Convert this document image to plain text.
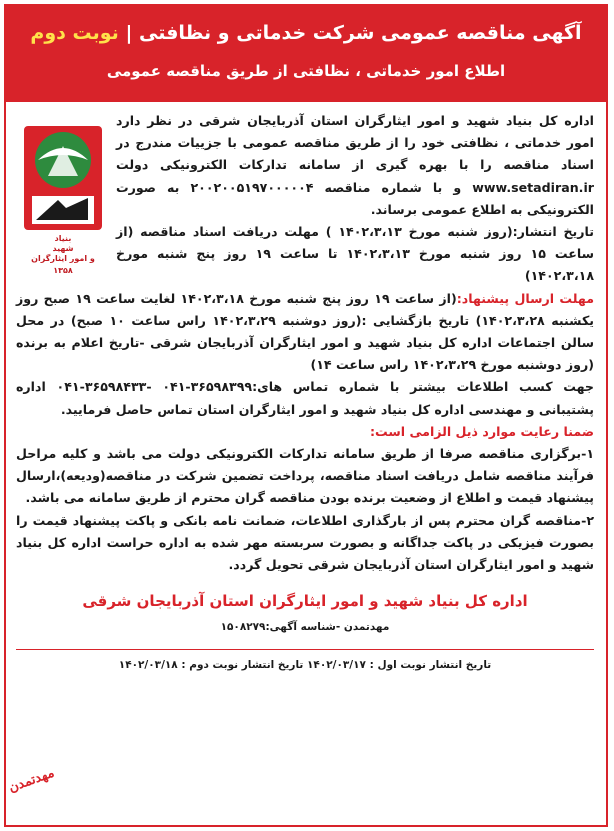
آگهی مناقصه عمومی شرکت خدماتی و نظافتی | نوبت دوم
اطلاع امور خدماتی ، نظافتی از طریق مناقصه عمومی
بنیاد
شهید
و امور ایثارگران
۱۳۵۸

اداره کل بنیاد شهید و امور ایثارگران استان آذربایجان شرقی در نظر دارد امور خدماتی ، نظافتی خود را از طریق مناقصه عمومی با جزییات مندرج در اسناد مناقصه را با بهره گیری از سامانه تدارکات الکترونیکی دولت www.setadiran.ir و با شماره مناقصه ۲۰۰۲۰۰۵۱۹۷۰۰۰۰۰۴ به صورت الکترونیکی به اطلاع عمومی برساند.

تاریخ انتشار:(روز شنبه مورخ ۱۴۰۲،۳،۱۳ ) مهلت دریافت اسناد مناقصه (از ساعت ۱۵ روز شنبه مورخ ۱۴۰۲،۳،۱۳ تا ساعت ۱۹ روز پنج شنبه مورخ ۱۴۰۲،۳،۱۸)

مهلت ارسال پیشنهاد:(از ساعت ۱۹ روز پنج شنبه مورخ ۱۴۰۲،۳،۱۸ لغایت ساعت ۱۹ صبح روز یکشنبه ۱۴۰۲،۳،۲۸) تاریخ بازگشایی :(روز دوشنبه ۱۴۰۲،۳،۲۹ راس ساعت ۱۰ صبح) در محل سالن اجتماعات اداره کل بنیاد شهید و امور ایثارگران آذربایجان شرقی -تاریخ اعلام به برنده (روز دوشنبه مورخ ۱۴۰۲،۳،۲۹ راس ساعت ۱۴)

جهت کسب اطلاعات بیشتر با شماره تماس های:۳۶۵۹۸۳۹۹-۰۴۱ -۳۶۵۹۸۴۳۳-۰۴۱ اداره پشتیبانی و مهندسی اداره کل بنیاد شهید و امور ایثارگران استان تماس حاصل فرمایید.

ضمنا رعایت موارد ذیل الزامی است:

۱-برگزاری مناقصه صرفا از طریق سامانه تدارکات الکترونیکی دولت می باشد و کلیه مراحل فرآیند مناقصه شامل دریافت اسناد مناقصه، پرداخت تضمین شرکت در مناقصه(ودیعه)،ارسال پیشنهاد قیمت و اطلاع از وضعیت برنده بودن مناقصه گران محترم از طریق سامانه می باشد.

۲-مناقصه گران محترم پس از بارگذاری اطلاعات، ضمانت نامه بانکی و پاکت پیشنهاد قیمت را بصورت فیزیکی در پاکت جداگانه و بصورت سربسته مهر شده به اداره حراست اداره کل بنیاد شهید و امور ایثارگران استان آذربایجان شرقی تحویل گردد.

اداره کل بنیاد شهید و امور ایثارگران استان آذربایجان شرقی
مهدتمدن -شناسه آگهی:۱۵۰۸۲۷۹
تاریخ انتشار نوبت اول : ۱۴۰۲/۰۳/۱۷ تاریخ انتشار نوبت دوم : ۱۴۰۲/۰۳/۱۸
مهدتمدن
